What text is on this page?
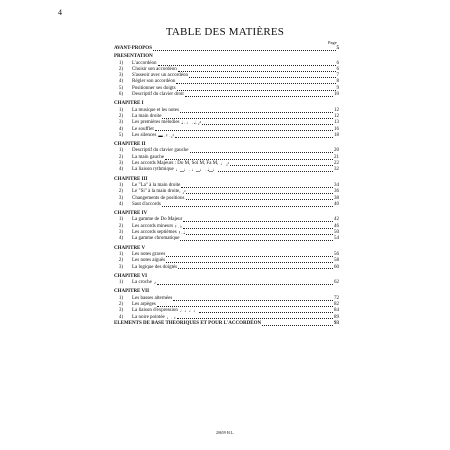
4
TABLE DES MATIÈRES
Page
AVANT-PROPOS	5
PRESENTATION
1) L'accordéon	6
2) Choisir son accordéon	6
3) S'asseoir avec un accordéon	7
4) Régler son accordéon	8
5) Positionner ses doigts	9
6) Descriptif du clavier droit	10
CHAPITRE I
1) La musique et les notes	12
2) La main droite	12
3) Les premières mélodies 𝅗𝅥 . ♩ . 𝅗𝅥. ₄⁴	13
4) Le soufflet	16
5) Les silences ▬ . 𝄽 . ₄³	18
CHAPITRE II
1) Descriptif du clavier gauche	20
2) La main gauche	21
3) Les accords Majeurs : Do M, Sol M, Fa M, ♩ ₄²	22
4) La liaison rythmique ♩‿♩ . ♩‿♩ . 𝅗𝅥‿♩	32
CHAPITRE III
1) Le "La" à la main droite	34
2) Le "Si" à la main droite, ₄²	36
3) Changements de positions	38
4) Saut d'accords	40
CHAPITRE IV
1) La gamme de Do Majeur	42
2) Les accords mineurs 𝄽 . ♭	46
3) Les accords septièmes 𝄽 . 𝅗𝅥	50
4) La gamme chromatique	54
CHAPITRE V
1) Les notes graves	56
2) Les notes aiguës	58
3) La logique des doigtés	60
CHAPITRE VI
1) La croche ♪	62
CHAPITRE VII
1) Les basses alternées	72
2) Les arpèges	82
3) La liaison d'expression ♩♩♩♩	84
4) La noire pointée ♩. ♪	89
ELEMENTS DE BASE THEORIQUES ET POUR L'ACCORDÉON	93
20659 H.L.
